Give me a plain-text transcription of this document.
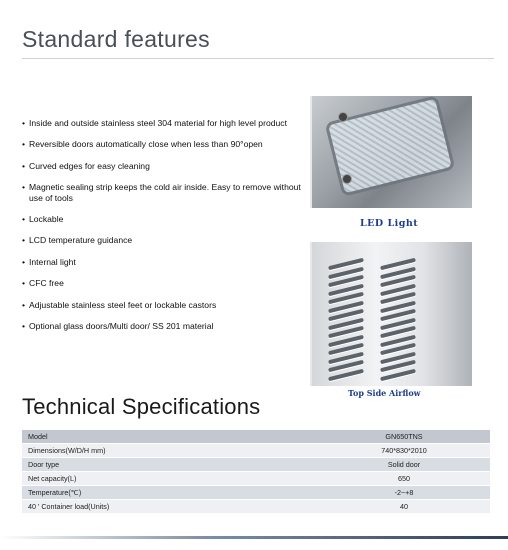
Standard features
• Inside and outside stainless steel 304 material for high level product
• Reversible doors automatically close when less than 90°open
• Curved edges for easy cleaning
• Magnetic sealing strip keeps the cold air inside. Easy to remove without use of tools
• Lockable
• LCD temperature guidance
• Internal light
• CFC free
• Adjustable stainless steel feet or lockable castors
• Optional glass doors/Multi door/ SS 201 material
LED Light
Top Side Airflow
Technical Specifications
Model	GN650TNS
Dimensions(W/D/H mm)	740*830*2010
Door type	Solid door
Net capacity(L)	650
Temperature(℃)	-2~+8
40 ' Container load(Units)	40
